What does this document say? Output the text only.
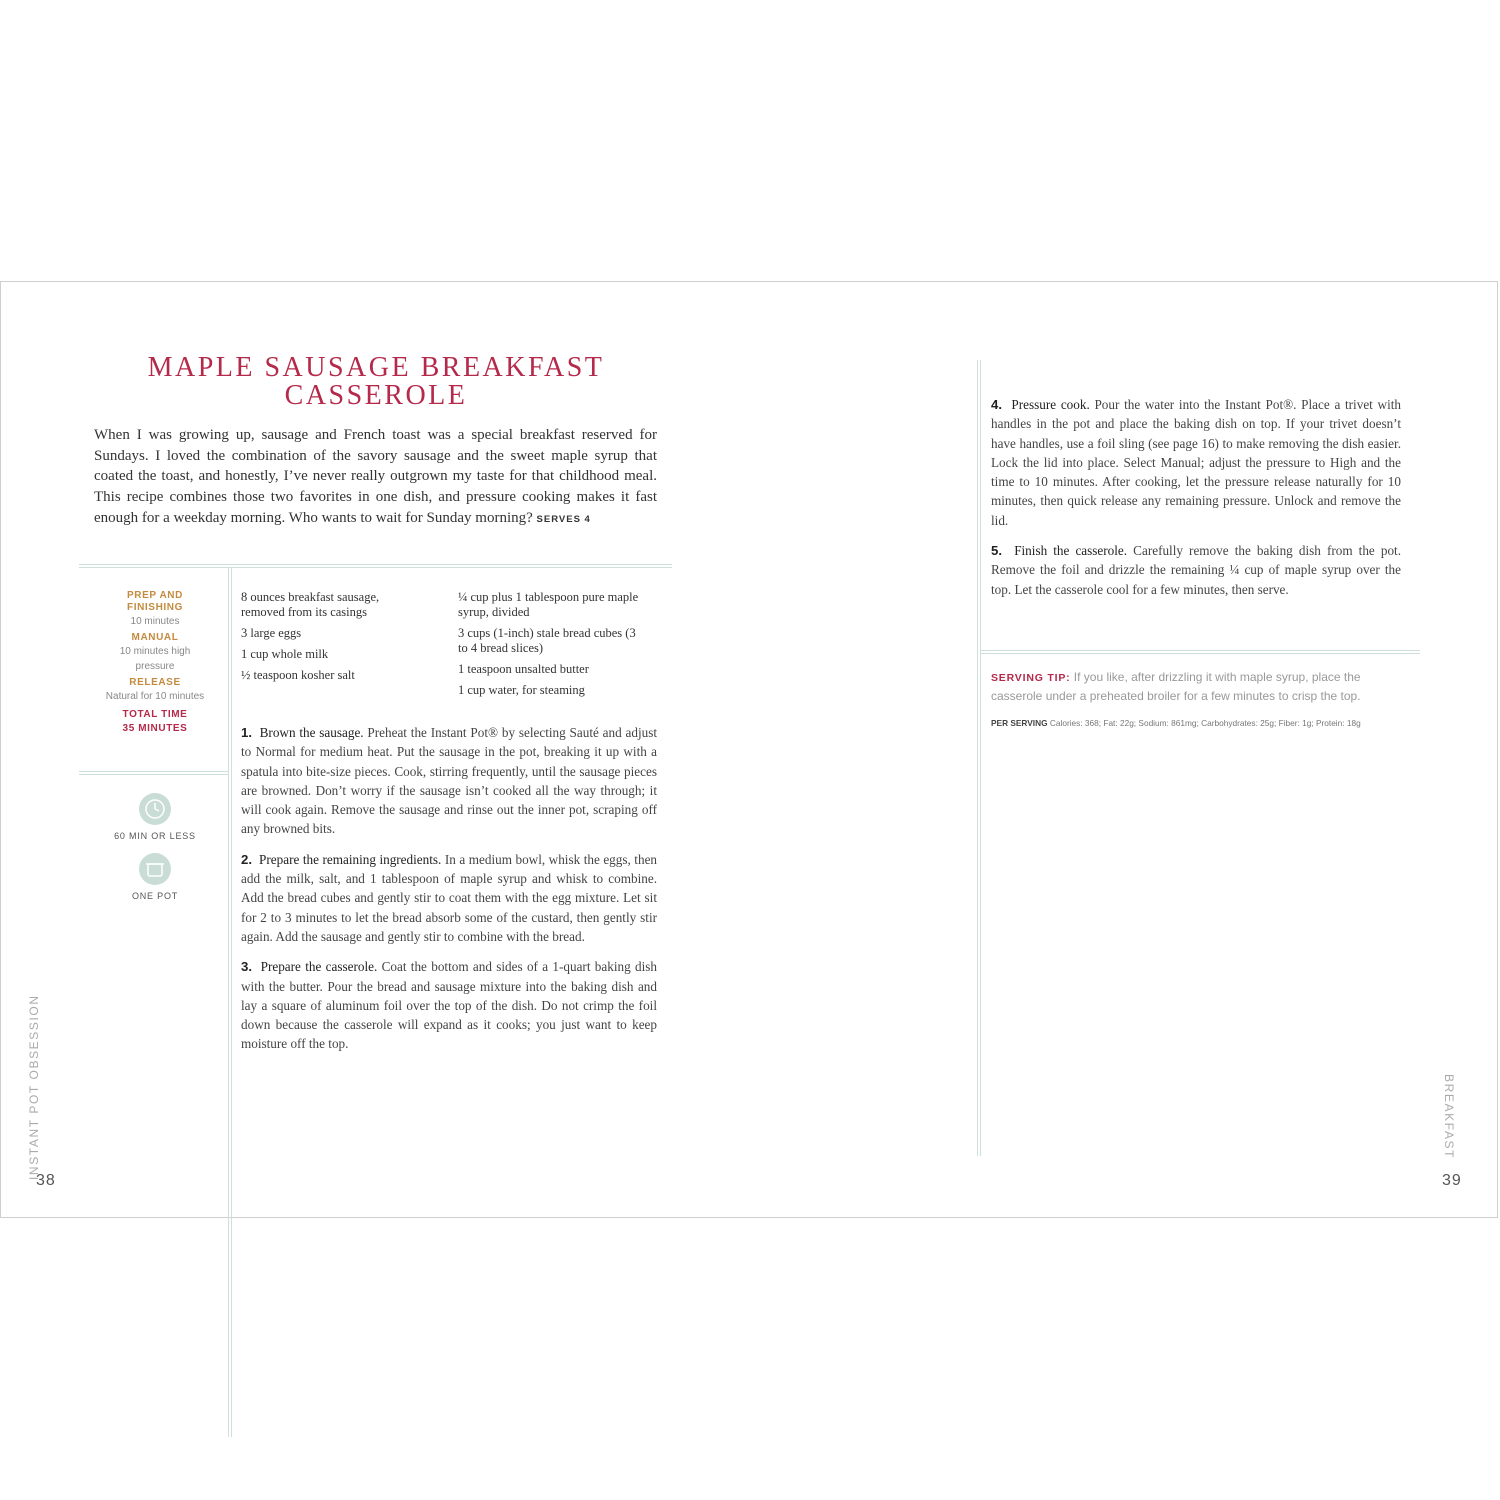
MAPLE SAUSAGE BREAKFAST
CASSEROLE

When I was growing up, sausage and French toast was a special breakfast reserved for Sundays. I loved the combination of the savory sausage and the sweet maple syrup that coated the toast, and honestly, I’ve never really outgrown my taste for that childhood meal. This recipe combines those two favorites in one dish, and pressure cooking makes it fast enough for a weekday morning. Who wants to wait for Sunday morning? SERVES 4

PREP AND FINISHING
10 minutes
MANUAL
10 minutes high pressure
RELEASE
Natural for 10 minutes
TOTAL TIME
35 MINUTES
60 MIN OR LESS
ONE POT
8 ounces breakfast sausage, removed from its casings
3 large eggs
1 cup whole milk
½ teaspoon kosher salt
¼ cup plus 1 tablespoon pure maple syrup, divided
3 cups (1-inch) stale bread cubes (3 to 4 bread slices)
1 teaspoon unsalted butter
1 cup water, for steaming

1. Brown the sausage. Preheat the Instant Pot® by selecting Sauté and adjust to Normal for medium heat. Put the sausage in the pot, breaking it up with a spatula into bite-size pieces. Cook, stirring frequently, until the sausage pieces are browned. Don’t worry if the sausage isn’t cooked all the way through; it will cook again. Remove the sausage and rinse out the inner pot, scraping off any browned bits.

2. Prepare the remaining ingredients. In a medium bowl, whisk the eggs, then add the milk, salt, and 1 tablespoon of maple syrup and whisk to combine. Add the bread cubes and gently stir to coat them with the egg mixture. Let sit for 2 to 3 minutes to let the bread absorb some of the custard, then gently stir again. Add the sausage and gently stir to combine with the bread.

3. Prepare the casserole. Coat the bottom and sides of a 1-quart baking dish with the butter. Pour the bread and sausage mixture into the baking dish and lay a square of aluminum foil over the top of the dish. Do not crimp the foil down because the casserole will expand as it cooks; you just want to keep moisture off the top.

INSTANT POT OBSESSION
38

4. Pressure cook. Pour the water into the Instant Pot®. Place a trivet with handles in the pot and place the baking dish on top. If your trivet doesn’t have handles, use a foil sling (see page 16) to make removing the dish easier. Lock the lid into place. Select Manual; adjust the pressure to High and the time to 10 minutes. After cooking, let the pressure release naturally for 10 minutes, then quick release any remaining pressure. Unlock and remove the lid.

5. Finish the casserole. Carefully remove the baking dish from the pot. Remove the foil and drizzle the remaining ¼ cup of maple syrup over the top. Let the casserole cool for a few minutes, then serve.

SERVING TIP: If you like, after drizzling it with maple syrup, place the casserole under a preheated broiler for a few minutes to crisp the top.
PER SERVING Calories: 368; Fat: 22g; Sodium: 861mg; Carbohydrates: 25g; Fiber: 1g; Protein: 18g
BREAKFAST
39
